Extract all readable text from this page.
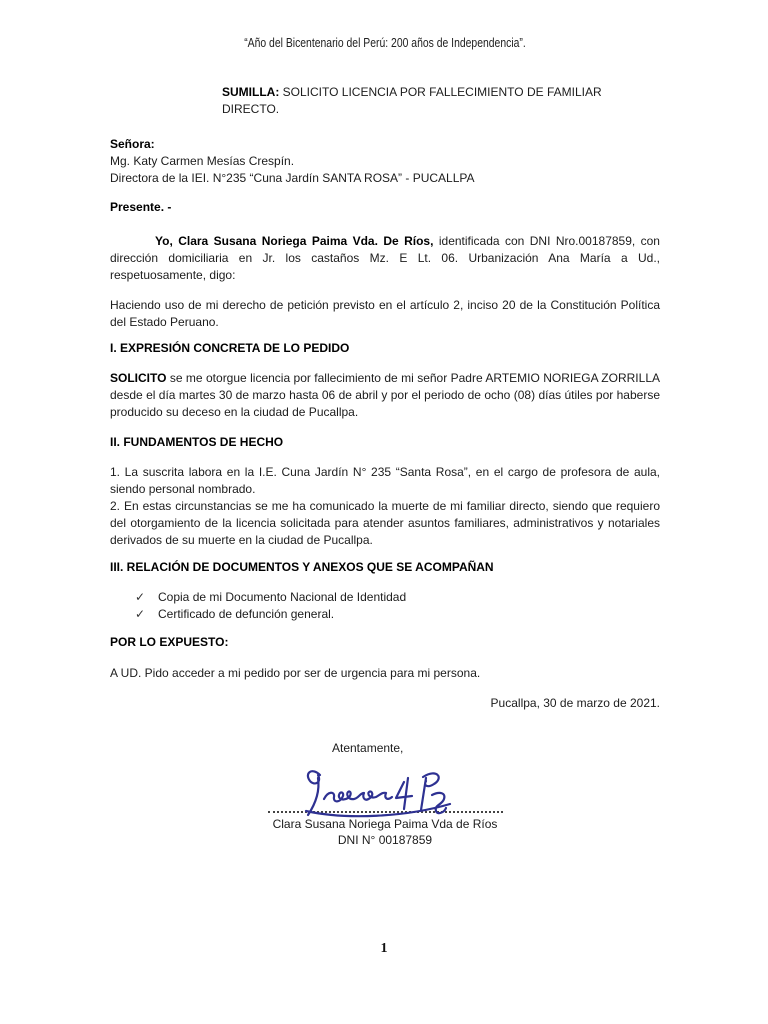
“Año del Bicentenario del Perú: 200 años de Independencia”.

SUMILLA: SOLICITO LICENCIA POR FALLECIMIENTO DE FAMILIAR DIRECTO.

Señora:
Mg. Katy Carmen Mesías Crespín.
Directora de la IEI. N°235 “Cuna Jardín SANTA ROSA” - PUCALLPA

Presente. -

Yo, Clara Susana Noriega Paima Vda. De Ríos, identificada con DNI Nro.00187859, con dirección domiciliaria en Jr. los castaños Mz. E Lt. 06. Urbanización Ana María a Ud., respetuosamente, digo:

Haciendo uso de mi derecho de petición previsto en el artículo 2, inciso 20 de la Constitución Política del Estado Peruano.

I. EXPRESIÓN CONCRETA DE LO PEDIDO

SOLICITO se me otorgue licencia por fallecimiento de mi señor Padre ARTEMIO NORIEGA ZORRILLA desde el día martes 30 de marzo hasta 06 de abril y por el periodo de ocho (08) días útiles por haberse producido su deceso en la ciudad de Pucallpa.

II. FUNDAMENTOS DE HECHO

1. La suscrita labora en la I.E. Cuna Jardín N° 235 “Santa Rosa”, en el cargo de profesora de aula, siendo personal nombrado.

2. En estas circunstancias se me ha comunicado la muerte de mi familiar directo, siendo que requiero del otorgamiento de la licencia solicitada para atender asuntos familiares, administrativos y notariales derivados de su muerte en la ciudad de Pucallpa.

III. RELACIÓN DE DOCUMENTOS Y ANEXOS QUE SE ACOMPAÑAN
✓ Copia de mi Documento Nacional de Identidad
✓ Certificado de defunción general.
POR LO EXPUESTO:

A UD. Pido acceder a mi pedido por ser de urgencia para mi persona.

Pucallpa, 30 de marzo de 2021.
Atentamente,
Clara Susana Noriega Paima Vda de Ríos
DNI N° 00187859
1
